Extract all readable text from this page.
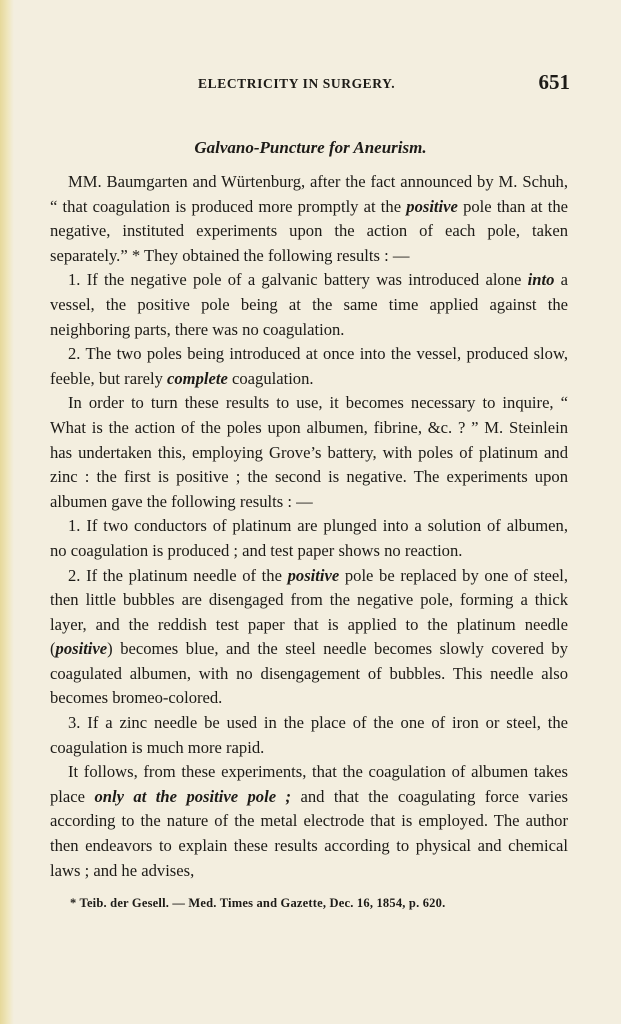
ELECTRICITY IN SURGERY.	651
Galvano-Puncture for Aneurism.

MM. Baumgarten and Würtenburg, after the fact announced by M. Schuh, “ that coagulation is produced more promptly at the positive pole than at the negative, instituted experiments upon the action of each pole, taken separately.” * They obtained the following results : —

1. If the negative pole of a galvanic battery was introduced alone into a vessel, the positive pole being at the same time applied against the neighboring parts, there was no coagulation.

2. The two poles being introduced at once into the vessel, produced slow, feeble, but rarely complete coagulation.

In order to turn these results to use, it becomes necessary to inquire, “ What is the action of the poles upon albumen, fibrine, &c. ? ” M. Steinlein has undertaken this, employing Grove’s battery, with poles of platinum and zinc : the first is positive ; the second is negative. The experiments upon albumen gave the following results : —

1. If two conductors of platinum are plunged into a solution of albumen, no coagulation is produced ; and test paper shows no reaction.

2. If the platinum needle of the positive pole be replaced by one of steel, then little bubbles are disengaged from the negative pole, forming a thick layer, and the reddish test paper that is applied to the platinum needle (positive) becomes blue, and the steel needle becomes slowly covered by coagulated albumen, with no disengagement of bubbles. This needle also becomes bromeo-colored.

3. If a zinc needle be used in the place of the one of iron or steel, the coagulation is much more rapid.

It follows, from these experiments, that the coagulation of albumen takes place only at the positive pole ; and that the coagulating force varies according to the nature of the metal electrode that is employed. The author then endeavors to explain these results according to physical and chemical laws ; and he advises,

* Teib. der Gesell. — Med. Times and Gazette, Dec. 16, 1854, p. 620.
